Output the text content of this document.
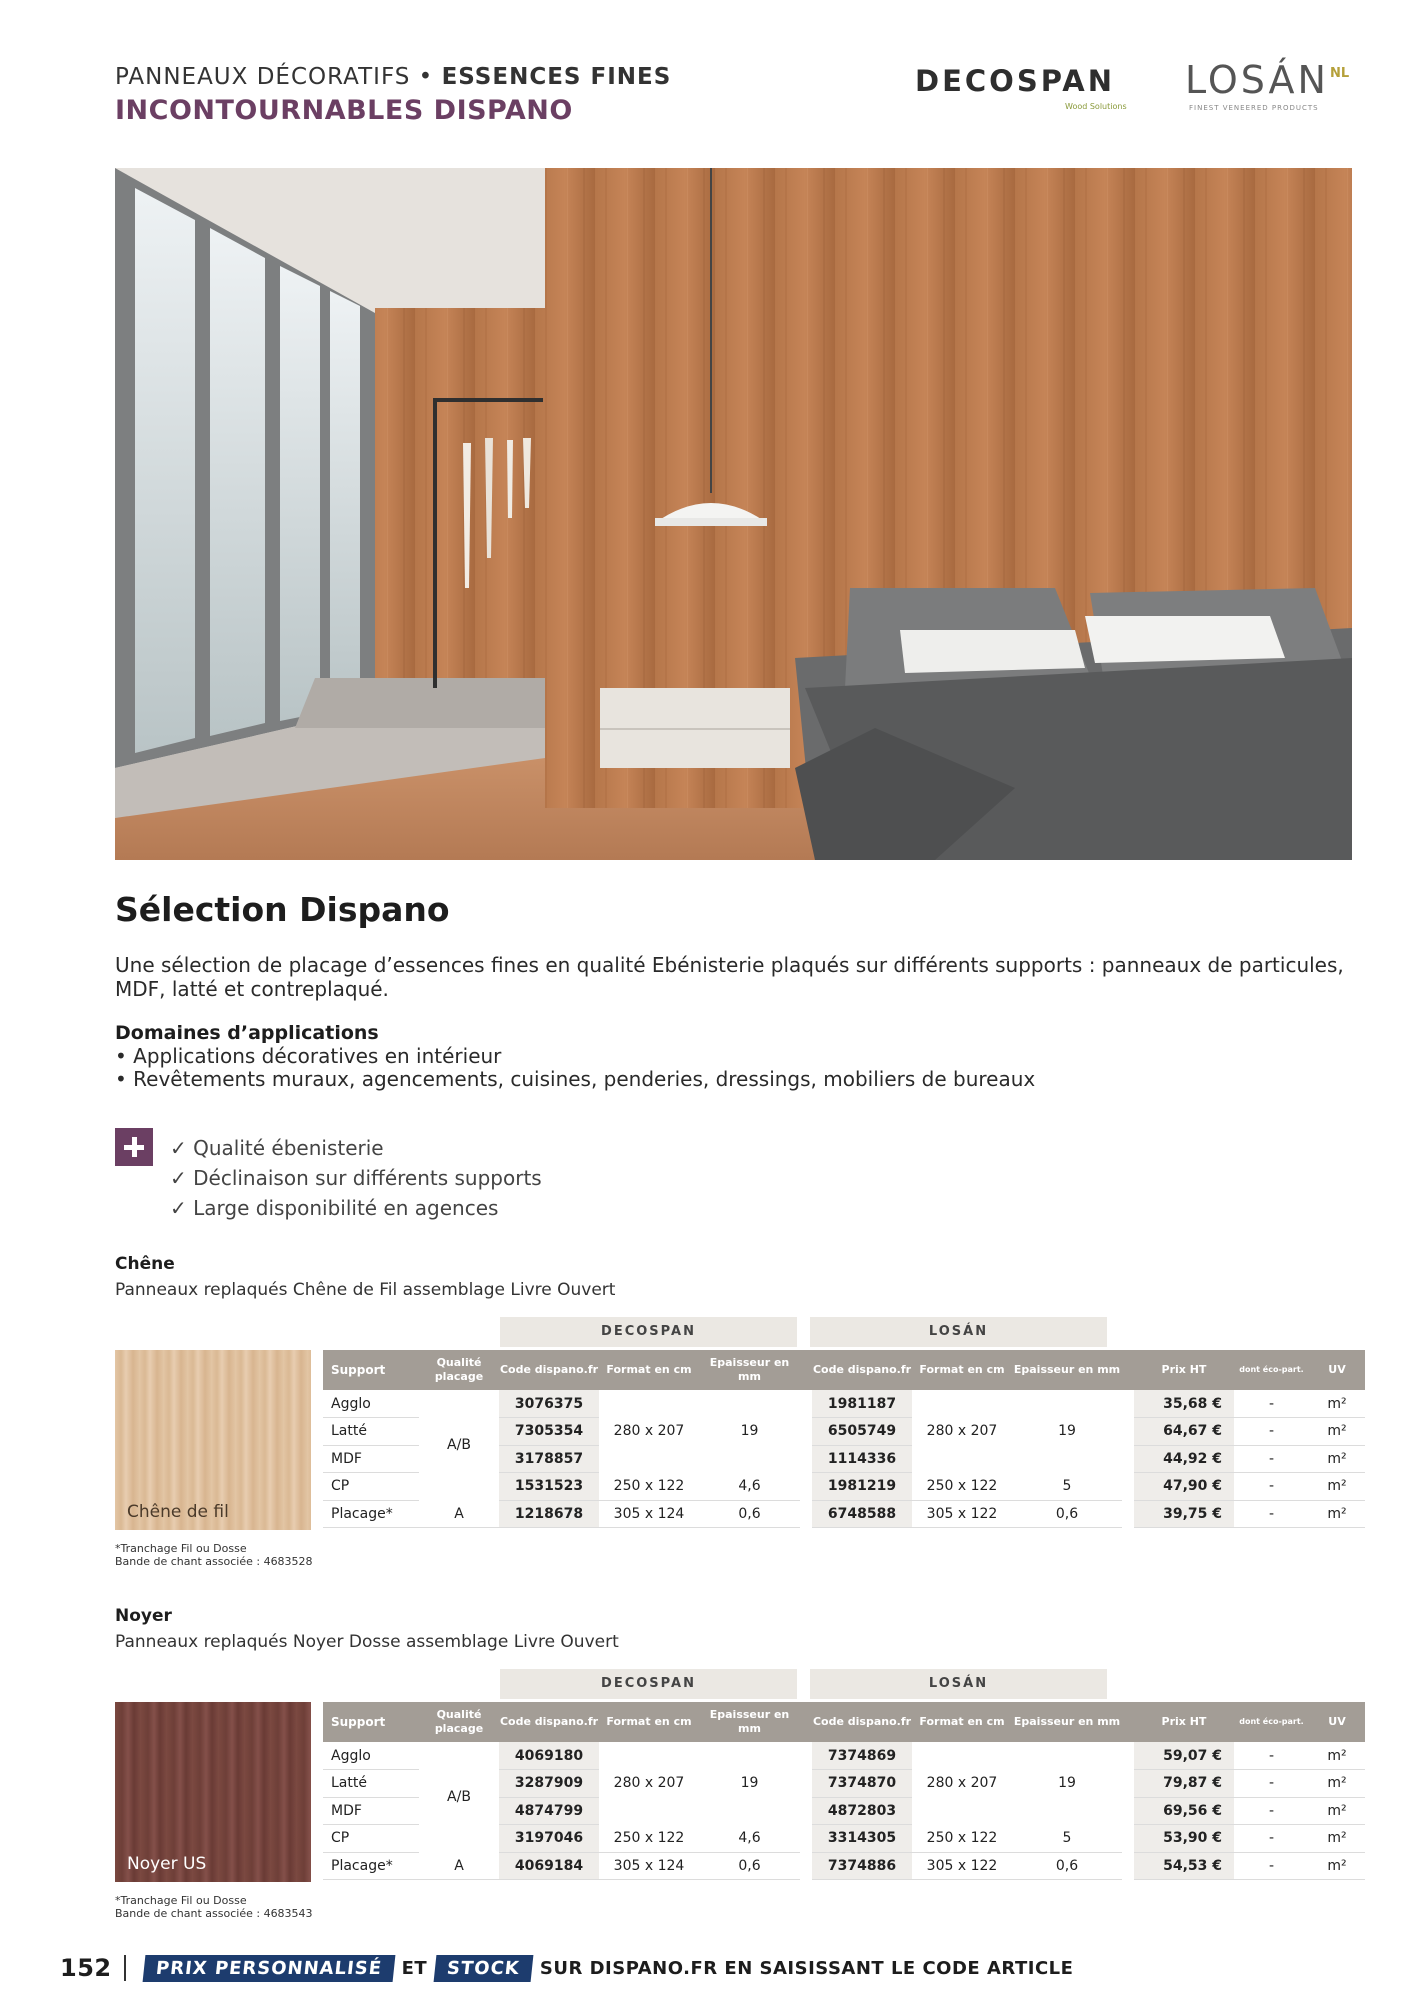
PANNEAUX DÉCORATIFS • ESSENCES FINES
INCONTOURNABLES DISPANO
DECOSPAN
Wood Solutions
LOSÁN NL
FINEST VENEERED PRODUCTS
Sélection Dispano
Une sélection de placage d’essences fines en qualité Ebénisterie plaqués sur différents supports : panneaux de particules, MDF, latté et contreplaqué.
Domaines d’applications
• Applications décoratives en intérieur
• Revêtements muraux, agencements, cuisines, penderies, dressings, mobiliers de bureaux
✓ Qualité ébenisterie
✓ Déclinaison sur différents supports
✓ Large disponibilité en agences
Chêne
Panneaux replaqués Chêne de Fil assemblage Livre Ouvert
DECOSPAN	LOSÁN
Chêne de fil
Support	Qualité placage	Code dispano.fr	Format en cm	Epaisseur en mm		Code dispano.fr	Format en cm	Epaisseur en mm		Prix HT	dont éco-part.	UV
Agglo	A/B	3076375	280 x 207	19		1981187	280 x 207	19		35,68 €	-	m²
Latté		7305354				6505749				64,67 €	-	m²
MDF		3178857				1114336				44,92 €	-	m²
CP		1531523	250 x 122	4,6		1981219	250 x 122	5		47,90 €	-	m²
Placage*	A	1218678	305 x 124	0,6		6748588	305 x 122	0,6		39,75 €	-	m²
*Tranchage Fil ou Dosse
Bande de chant associée : 4683528
Noyer
Panneaux replaqués Noyer Dosse assemblage Livre Ouvert
DECOSPAN	LOSÁN
Noyer US
Support	Qualité placage	Code dispano.fr	Format en cm	Epaisseur en mm		Code dispano.fr	Format en cm	Epaisseur en mm		Prix HT	dont éco-part.	UV
Agglo	A/B	4069180	280 x 207	19		7374869	280 x 207	19		59,07 €	-	m²
Latté		3287909				7374870				79,87 €	-	m²
MDF		4874799				4872803				69,56 €	-	m²
CP		3197046	250 x 122	4,6		3314305	250 x 122	5		53,90 €	-	m²
Placage*	A	4069184	305 x 124	0,6		7374886	305 x 122	0,6		54,53 €	-	m²
*Tranchage Fil ou Dosse
Bande de chant associée : 4683543
152	PRIX PERSONNALISÉ	ET	STOCK	SUR DISPANO.FR EN SAISISSANT LE CODE ARTICLE
